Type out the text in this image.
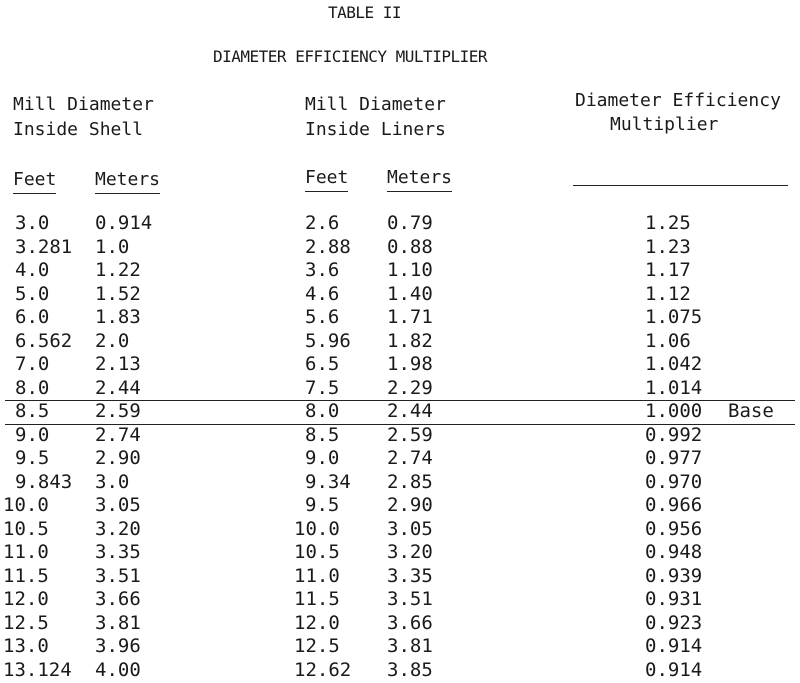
TABLE II
DIAMETER EFFICIENCY MULTIPLIER
Mill Diameter
Inside Shell
Feet Meters
Mill Diameter
Inside Liners
Feet Meters
Diameter Efficiency
Multiplier
3.0 0.914	2.6	0.79	1.25
3.281 1.0	2.88 0.88	1.23
4.0 1.22	3.6	1.10	1.17
5.0 1.52	4.6	1.40	1.12
6.0 1.83	5.6	1.71	1.075
6.562 2.0	5.96 1.82	1.06
7.0 2.13	6.5	1.98	1.042
8.0 2.44	7.5	2.29	1.014
8.5 2.59	8.0	2.44	1.000 Base
9.0 2.74	8.5	2.59	0.992
9.5 2.90	9.0	2.74	0.977
9.843 3.0	9.34 2.85	0.970
10.0 3.05	9.5	2.90	0.966
10.5 3.20	10.0 3.05	0.956
11.0 3.35	10.5 3.20	0.948
11.5 3.51	11.0 3.35	0.939
12.0 3.66	11.5 3.51	0.931
12.5 3.81	12.0 3.66	0.923
13.0 3.96	12.5 3.81	0.914
13.124 4.00	12.62 3.85	0.914
